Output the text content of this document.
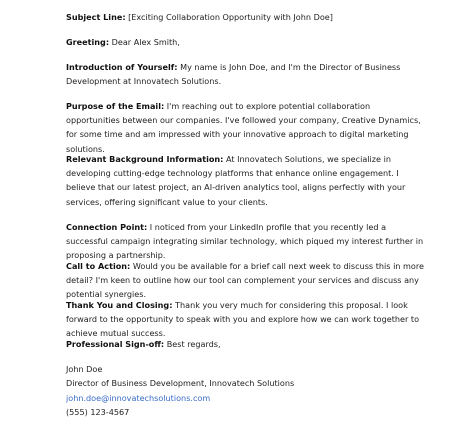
Subject Line: [Exciting Collaboration Opportunity with John Doe]

Greeting: Dear Alex Smith,

Introduction of Yourself: My name is John Doe, and I'm the Director of Business Development at Innovatech Solutions.

Purpose of the Email: I'm reaching out to explore potential collaboration opportunities between our companies. I've followed your company, Creative Dynamics, for some time and am impressed with your innovative approach to digital marketing solutions.

Relevant Background Information: At Innovatech Solutions, we specialize in developing cutting-edge technology platforms that enhance online engagement. I believe that our latest project, an AI-driven analytics tool, aligns perfectly with your services, offering significant value to your clients.

Connection Point: I noticed from your LinkedIn profile that you recently led a successful campaign integrating similar technology, which piqued my interest further in proposing a partnership.

Call to Action: Would you be available for a brief call next week to discuss this in more detail? I'm keen to outline how our tool can complement your services and discuss any potential synergies.

Thank You and Closing: Thank you very much for considering this proposal. I look forward to the opportunity to speak with you and explore how we can work together to achieve mutual success.

Professional Sign-off: Best regards,

John Doe

Director of Business Development, Innovatech Solutions

john.doe@innovatechsolutions.com

(555) 123-4567
